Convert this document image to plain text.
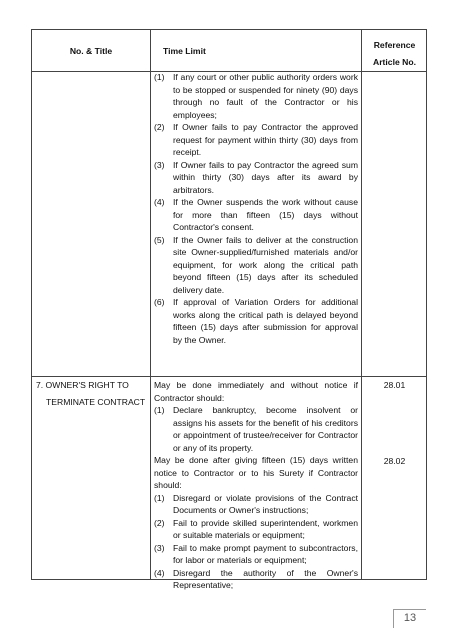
No. & Title	Time Limit
Reference
Article No.
(1) If any court or other public authority orders work to be stopped or suspended for ninety (90) days through no fault of the Contractor or his employees;
(2) If Owner fails to pay Contractor the approved request for payment within thirty (30) days from receipt.
(3) If Owner fails to pay Contractor the agreed sum within thirty (30) days after its award by arbitrators.
(4) If the Owner suspends the work without cause for more than fifteen (15) days without Contractor's consent.
(5) If the Owner fails to deliver at the construction site Owner-supplied/furnished materials and/or equipment, for work along the critical path beyond fifteen (15) days after its scheduled delivery date.
(6) If approval of Variation Orders for additional works along the critical path is delayed beyond fifteen (15) days after submission for approval by the Owner.
7. OWNER'S RIGHT TO
TERMINATE CONTRACT
May be done immediately and without notice if Contractor should:
(1) Declare bankruptcy, become insolvent or assigns his assets for the benefit of his creditors or appointment of trustee/receiver for Contractor or any of its property.
May be done after giving fifteen (15) days written notice to Contractor or to his Surety if Contractor should:
(1) Disregard or violate provisions of the Contract Documents or Owner's instructions;
(2) Fail to provide skilled superintendent, workmen or suitable materials or equipment;
(3) Fail to make prompt payment to subcontractors, for labor or materials or equipment;
(4) Disregard the authority of the Owner's Representative;
28.01
28.02
13
